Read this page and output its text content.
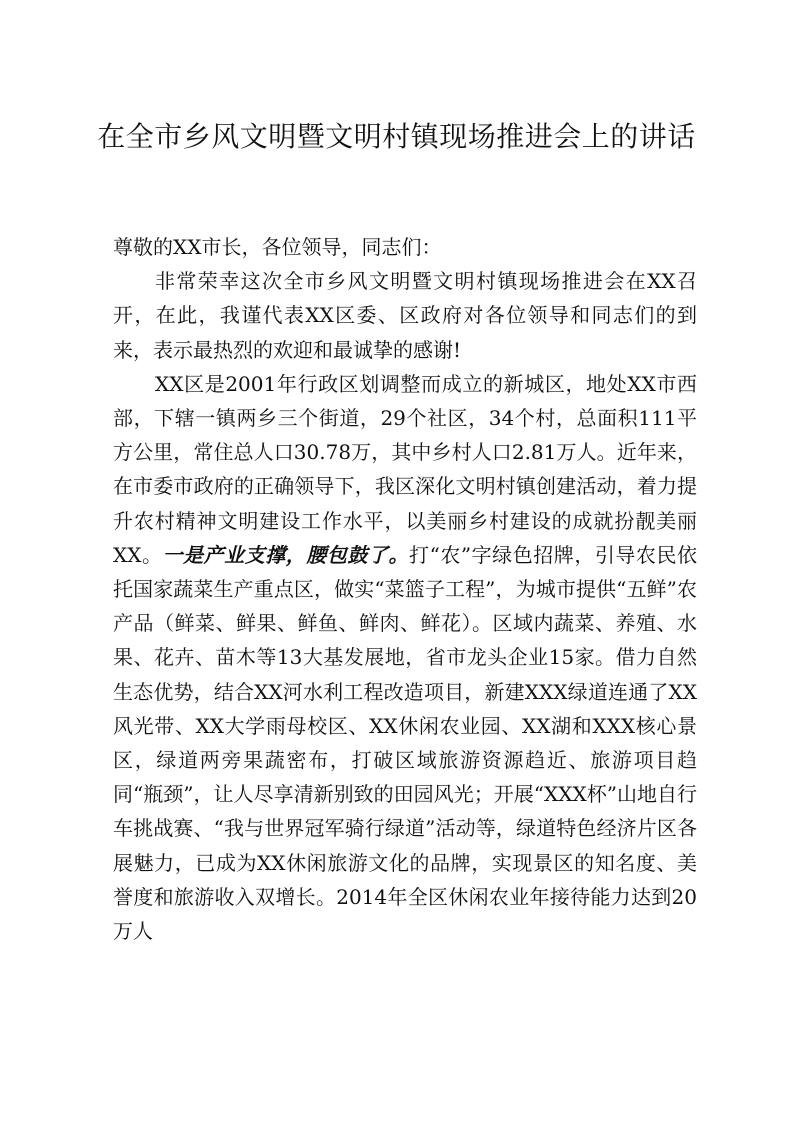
在全市乡风文明暨文明村镇现场推进会上的讲话

尊敬的XX市长，各位领导，同志们：

非常荣幸这次全市乡风文明暨文明村镇现场推进会在XX召开，在此，我谨代表XX区委、区政府对各位领导和同志们的到来，表示最热烈的欢迎和最诚挚的感谢!

XX区是2001年行政区划调整而成立的新城区，地处XX市西部，下辖一镇两乡三个街道，29个社区，34个村，总面积111平方公里，常住总人口30.78万，其中乡村人口2.81万人。近年来，在市委市政府的正确领导下，我区深化文明村镇创建活动，着力提升农村精神文明建设工作水平，以美丽乡村建设的成就扮靓美丽XX。一是产业支撑，腰包鼓了。打“农”字绿色招牌，引导农民依托国家蔬菜生产重点区，做实“菜篮子工程”，为城市提供“五鲜”农产品（鲜菜、鲜果、鲜鱼、鲜肉、鲜花）。区域内蔬菜、养殖、水果、花卉、苗木等13大基发展地，省市龙头企业15家。借力自然生态优势，结合XX河水利工程改造项目，新建XXX绿道连通了XX风光带、XX大学雨母校区、XX休闲农业园、XX湖和XXX核心景区，绿道两旁果蔬密布，打破区域旅游资源趋近、旅游项目趋同“瓶颈”，让人尽享清新别致的田园风光；开展“XXX杯”山地自行车挑战赛、“我与世界冠军骑行绿道”活动等，绿道特色经济片区各展魅力，已成为XX休闲旅游文化的品牌，实现景区的知名度、美誉度和旅游收入双增长。2014年全区休闲农业年接待能力达到20万人
